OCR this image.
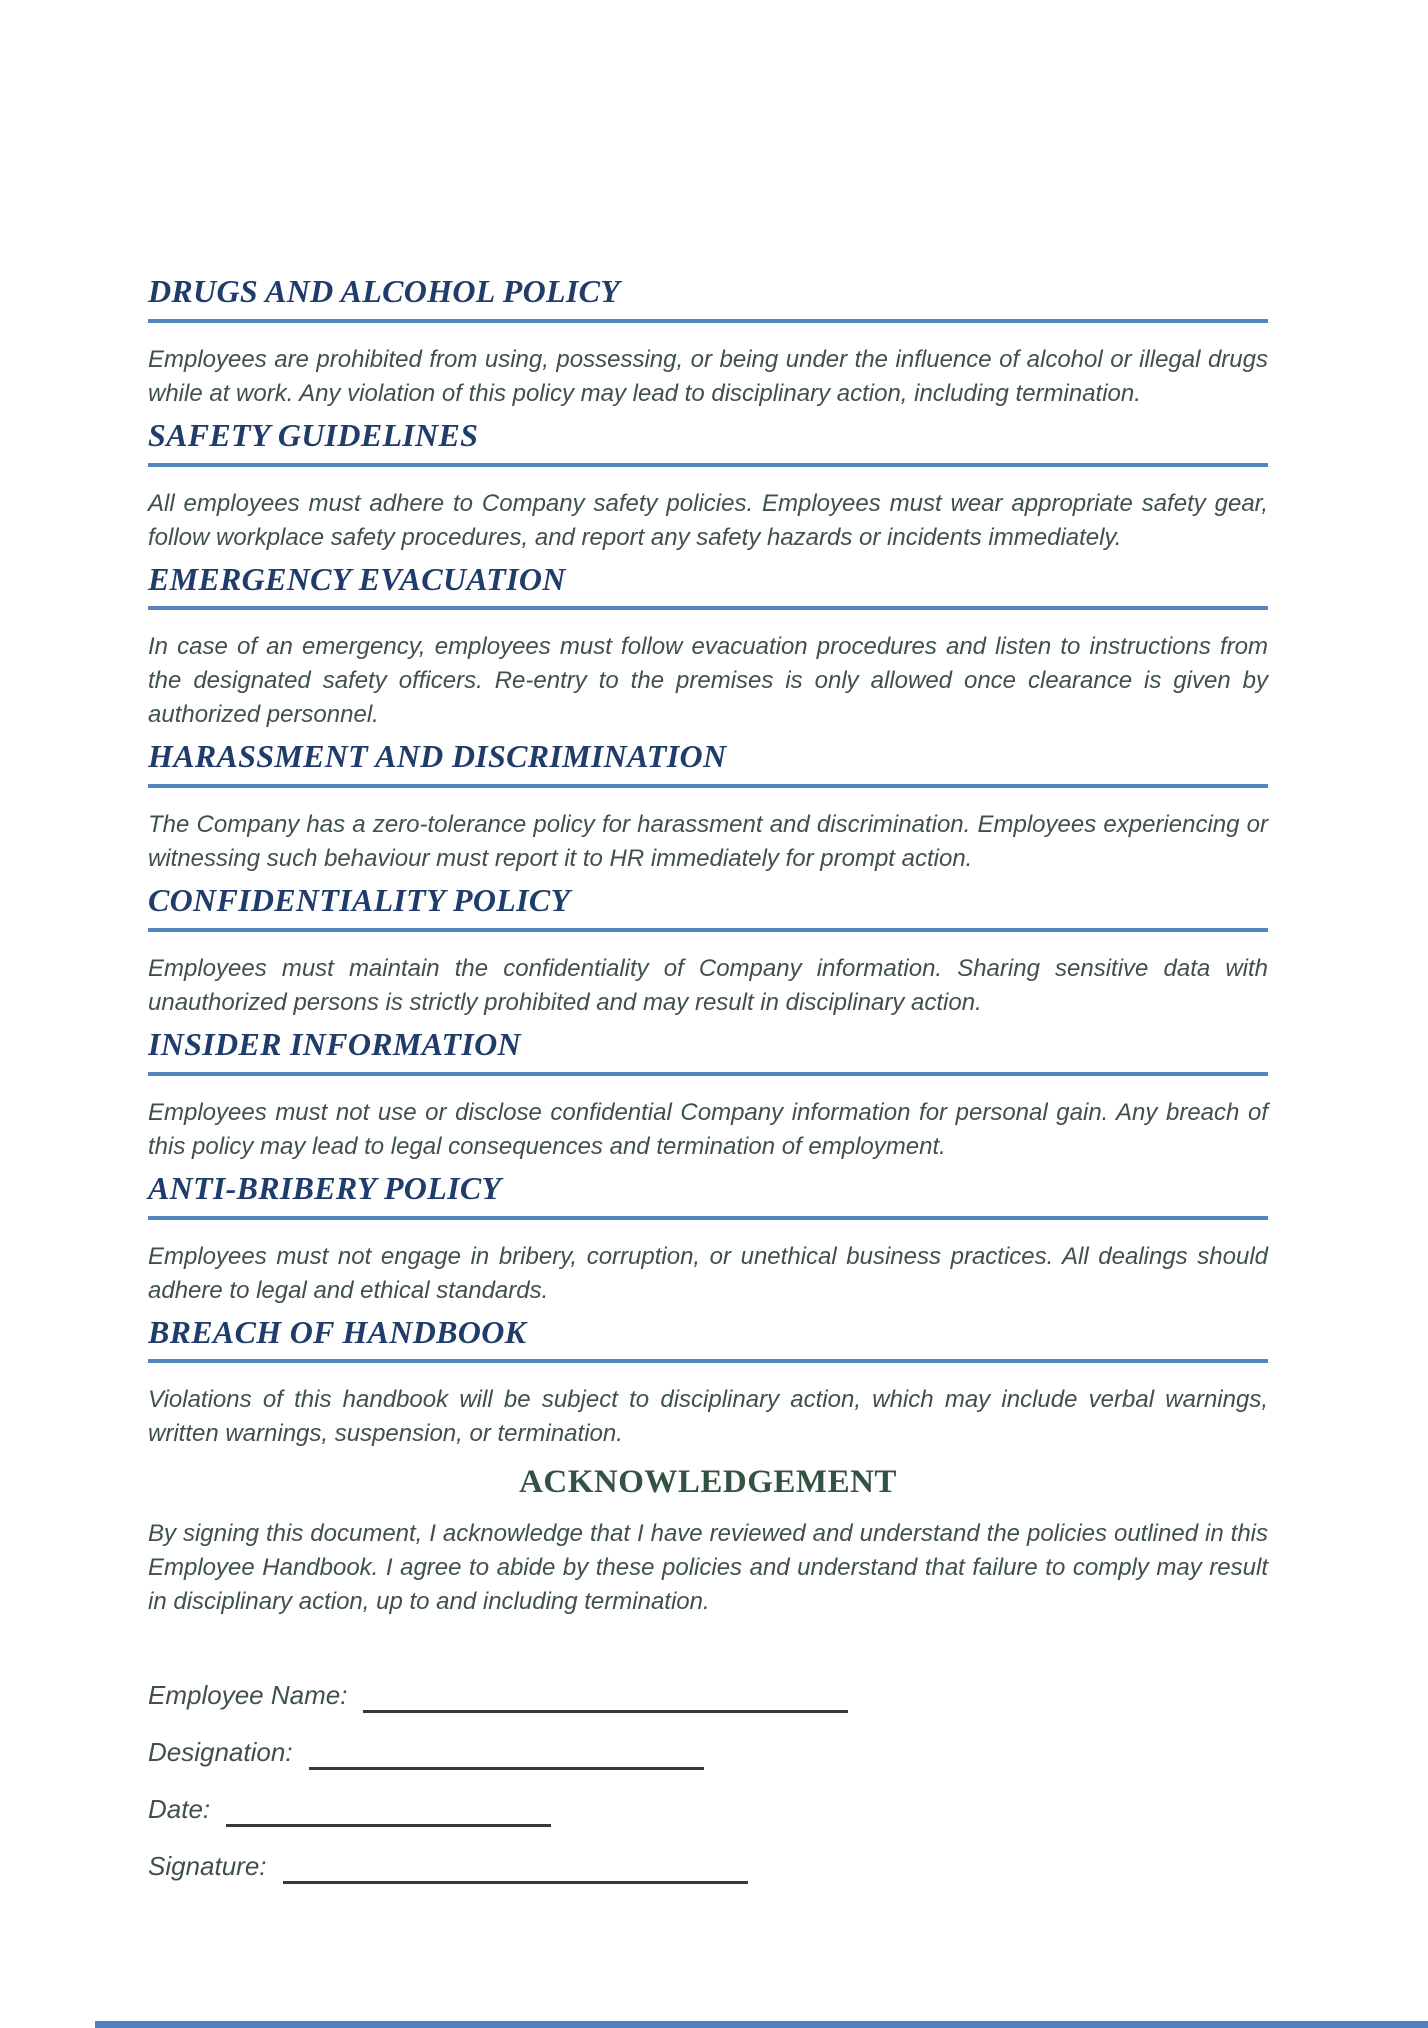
DRUGS AND ALCOHOL POLICY

Employees are prohibited from using, possessing, or being under the influence of alcohol or illegal drugs while at work. Any violation of this policy may lead to disciplinary action, including termination.

SAFETY GUIDELINES

All employees must adhere to Company safety policies. Employees must wear appropriate safety gear, follow workplace safety procedures, and report any safety hazards or incidents immediately.

EMERGENCY EVACUATION

In case of an emergency, employees must follow evacuation procedures and listen to instructions from the designated safety officers. Re-entry to the premises is only allowed once clearance is given by authorized personnel.

HARASSMENT AND DISCRIMINATION

The Company has a zero-tolerance policy for harassment and discrimination. Employees experiencing or witnessing such behaviour must report it to HR immediately for prompt action.

CONFIDENTIALITY POLICY

Employees must maintain the confidentiality of Company information. Sharing sensitive data with unauthorized persons is strictly prohibited and may result in disciplinary action.

INSIDER INFORMATION

Employees must not use or disclose confidential Company information for personal gain. Any breach of this policy may lead to legal consequences and termination of employment.

ANTI-BRIBERY POLICY

Employees must not engage in bribery, corruption, or unethical business practices. All dealings should adhere to legal and ethical standards.

BREACH OF HANDBOOK

Violations of this handbook will be subject to disciplinary action, which may include verbal warnings, written warnings, suspension, or termination.

ACKNOWLEDGEMENT

By signing this document, I acknowledge that I have reviewed and understand the policies outlined in this Employee Handbook. I agree to abide by these policies and understand that failure to comply may result in disciplinary action, up to and including termination.

Employee Name:
Designation:
Date:
Signature:
